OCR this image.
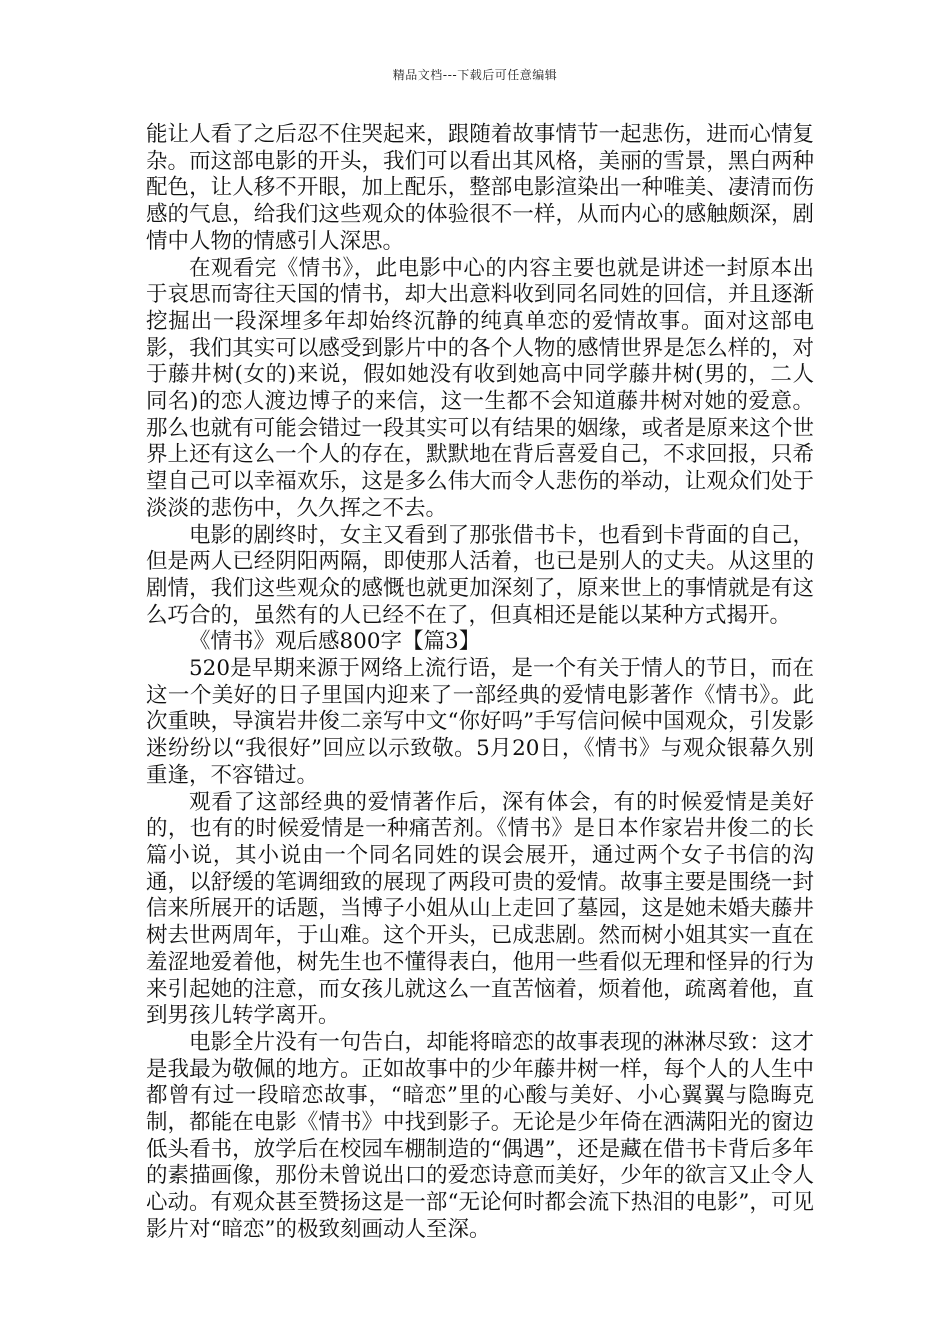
精品文档---下载后可任意编辑

能让人看了之后忍不住哭起来，跟随着故事情节一起悲伤，进而心情复杂。而这部电影的开头，我们可以看出其风格，美丽的雪景，黑白两种配色，让人移不开眼，加上配乐，整部电影渲染出一种唯美、凄清而伤感的气息，给我们这些观众的体验很不一样，从而内心的感触颇深，剧情中人物的情感引人深思。

在观看完《情书》，此电影中心的内容主要也就是讲述一封原本出于哀思而寄往天国的情书，却大出意料收到同名同姓的回信，并且逐渐挖掘出一段深埋多年却始终沉静的纯真单恋的爱情故事。面对这部电影，我们其实可以感受到影片中的各个人物的感情世界是怎么样的，对于藤井树(女的)来说，假如她没有收到她高中同学藤井树(男的，二人同名)的恋人渡边博子的来信，这一生都不会知道藤井树对她的爱意。那么也就有可能会错过一段其实可以有结果的姻缘，或者是原来这个世界上还有这么一个人的存在，默默地在背后喜爱自己，不求回报，只希望自己可以幸福欢乐，这是多么伟大而令人悲伤的举动，让观众们处于淡淡的悲伤中，久久挥之不去。

电影的剧终时，女主又看到了那张借书卡，也看到卡背面的自己，但是两人已经阴阳两隔，即使那人活着，也已是别人的丈夫。从这里的剧情，我们这些观众的感慨也就更加深刻了，原来世上的事情就是有这么巧合的，虽然有的人已经不在了，但真相还是能以某种方式揭开。

《情书》观后感800字【篇3】

520是早期来源于网络上流行语，是一个有关于情人的节日，而在这一个美好的日子里国内迎来了一部经典的爱情电影著作《情书》。此次重映，导演岩井俊二亲写中文“你好吗”手写信问候中国观众，引发影迷纷纷以“我很好”回应以示致敬。5月20日，《情书》与观众银幕久别重逢，不容错过。

观看了这部经典的爱情著作后，深有体会，有的时候爱情是美好的，也有的时候爱情是一种痛苦剂。《情书》是日本作家岩井俊二的长篇小说，其小说由一个同名同姓的误会展开，通过两个女子书信的沟通，以舒缓的笔调细致的展现了两段可贵的爱情。故事主要是围绕一封信来所展开的话题，当博子小姐从山上走回了墓园，这是她未婚夫藤井树去世两周年，于山难。这个开头，已成悲剧。然而树小姐其实一直在羞涩地爱着他，树先生也不懂得表白，他用一些看似无理和怪异的行为来引起她的注意，而女孩儿就这么一直苦恼着，烦着他，疏离着他，直到男孩儿转学离开。

电影全片没有一句告白，却能将暗恋的故事表现的淋淋尽致：这才是我最为敬佩的地方。正如故事中的少年藤井树一样，每个人的人生中都曾有过一段暗恋故事，“暗恋”里的心酸与美好、小心翼翼与隐晦克制，都能在电影《情书》中找到影子。无论是少年倚在洒满阳光的窗边低头看书，放学后在校园车棚制造的“偶遇”，还是藏在借书卡背后多年的素描画像，那份未曾说出口的爱恋诗意而美好，少年的欲言又止令人心动。有观众甚至赞扬这是一部“无论何时都会流下热泪的电影”，可见影片对“暗恋”的极致刻画动人至深。
